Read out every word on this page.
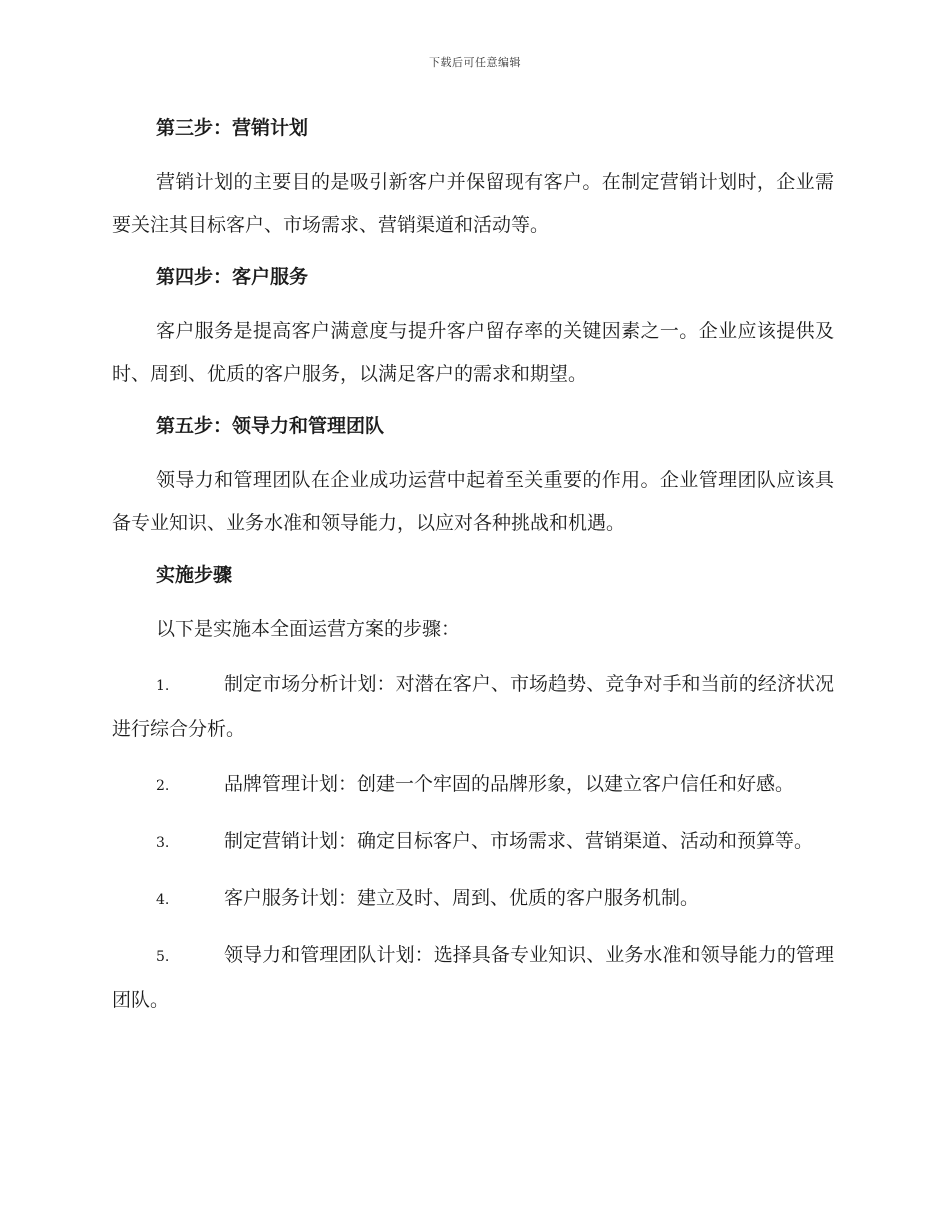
下载后可任意编辑
第三步：营销计划

营销计划的主要目的是吸引新客户并保留现有客户。在制定营销计划时，企业需要关注其目标客户、市场需求、营销渠道和活动等。

第四步：客户服务

客户服务是提高客户满意度与提升客户留存率的关键因素之一。企业应该提供及时、周到、优质的客户服务，以满足客户的需求和期望。

第五步：领导力和管理团队

领导力和管理团队在企业成功运营中起着至关重要的作用。企业管理团队应该具备专业知识、业务水准和领导能力，以应对各种挑战和机遇。

实施步骤

以下是实施本全面运营方案的步骤：

1.	制定市场分析计划：对潜在客户、市场趋势、竞争对手和当前的经济状况进行综合分析。

2.	品牌管理计划：创建一个牢固的品牌形象，以建立客户信任和好感。

3.	制定营销计划：确定目标客户、市场需求、营销渠道、活动和预算等。

4.	客户服务计划：建立及时、周到、优质的客户服务机制。

5.	领导力和管理团队计划：选择具备专业知识、业务水准和领导能力的管理团队。
